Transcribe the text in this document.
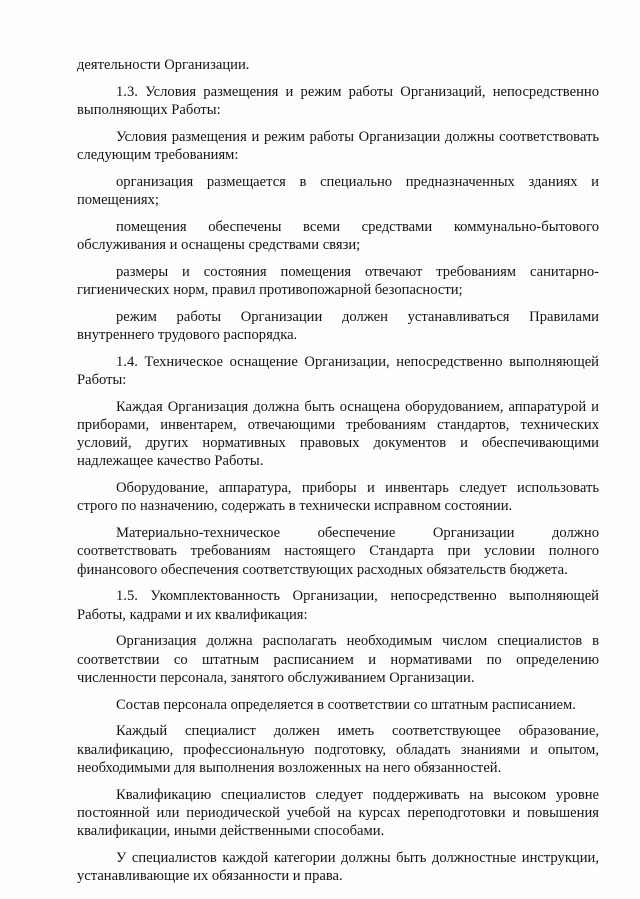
деятельности Организации.

1.3. Условия размещения и режим работы Организаций, непосредственно выполняющих Работы:

Условия размещения и режим работы Организации должны соответствовать следующим требованиям:

организация размещается в специально предназначенных зданиях и помещениях;

помещения обеспечены всеми средствами коммунально-бытового обслуживания и оснащены средствами связи;

размеры и состояния помещения отвечают требованиям санитарно-гигиенических норм, правил противопожарной безопасности;

режим работы Организации должен устанавливаться Правилами внутреннего трудового распорядка.

1.4. Техническое оснащение Организации, непосредственно выполняющей Работы:

Каждая Организация должна быть оснащена оборудованием, аппаратурой и приборами, инвентарем, отвечающими требованиям стандартов, технических условий, других нормативных правовых документов и обеспечивающими надлежащее качество Работы.

Оборудование, аппаратура, приборы и инвентарь следует использовать строго по назначению, содержать в технически исправном состоянии.

Материально-техническое обеспечение Организации должно соответствовать требованиям настоящего Стандарта при условии полного финансового обеспечения соответствующих расходных обязательств бюджета.

1.5. Укомплектованность Организации, непосредственно выполняющей Работы, кадрами и их квалификация:

Организация должна располагать необходимым числом специалистов в соответствии со штатным расписанием и нормативами по определению численности персонала, занятого обслуживанием Организации.

Состав персонала определяется в соответствии со штатным расписанием.

Каждый специалист должен иметь соответствующее образование, квалификацию, профессиональную подготовку, обладать знаниями и опытом, необходимыми для выполнения возложенных на него обязанностей.

Квалификацию специалистов следует поддерживать на высоком уровне постоянной или периодической учебой на курсах переподготовки и повышения квалификации, иными действенными способами.

У специалистов каждой категории должны быть должностные инструкции, устанавливающие их обязанности и права.
